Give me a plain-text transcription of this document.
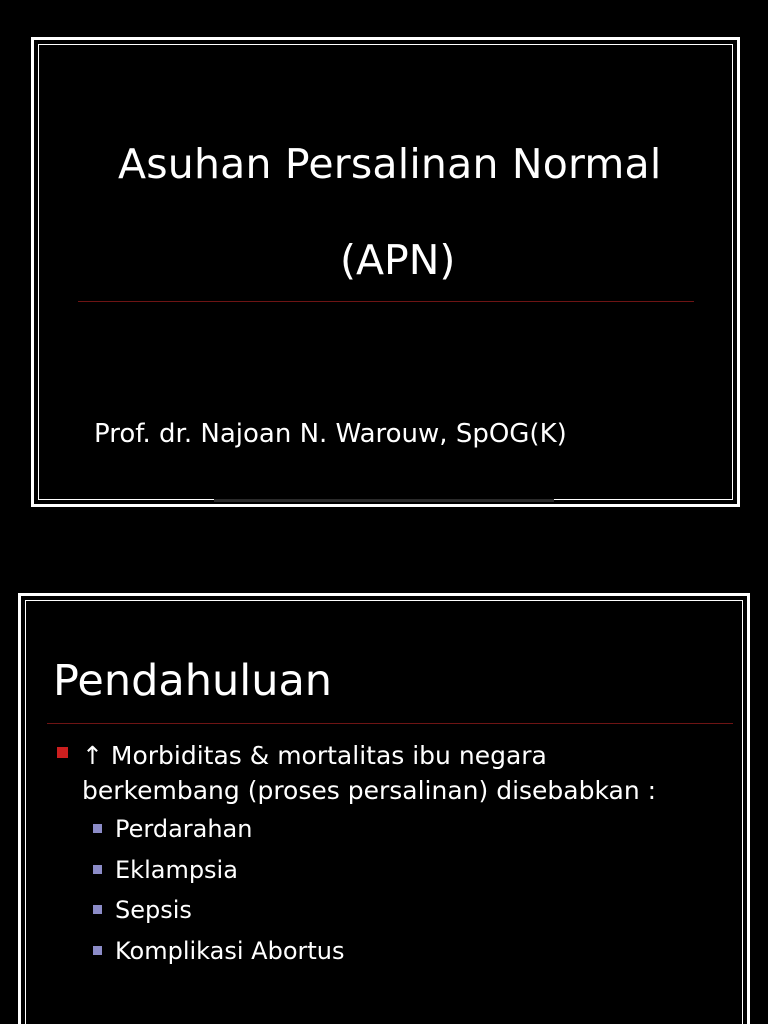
Asuhan Persalinan Normal
(APN)
Prof. dr. Najoan N. Warouw, SpOG(K)
Pendahuluan
↑ Morbiditas & mortalitas ibu negara berkembang (proses persalinan) disebabkan :
Perdarahan
Eklampsia
Sepsis
Komplikasi Abortus
